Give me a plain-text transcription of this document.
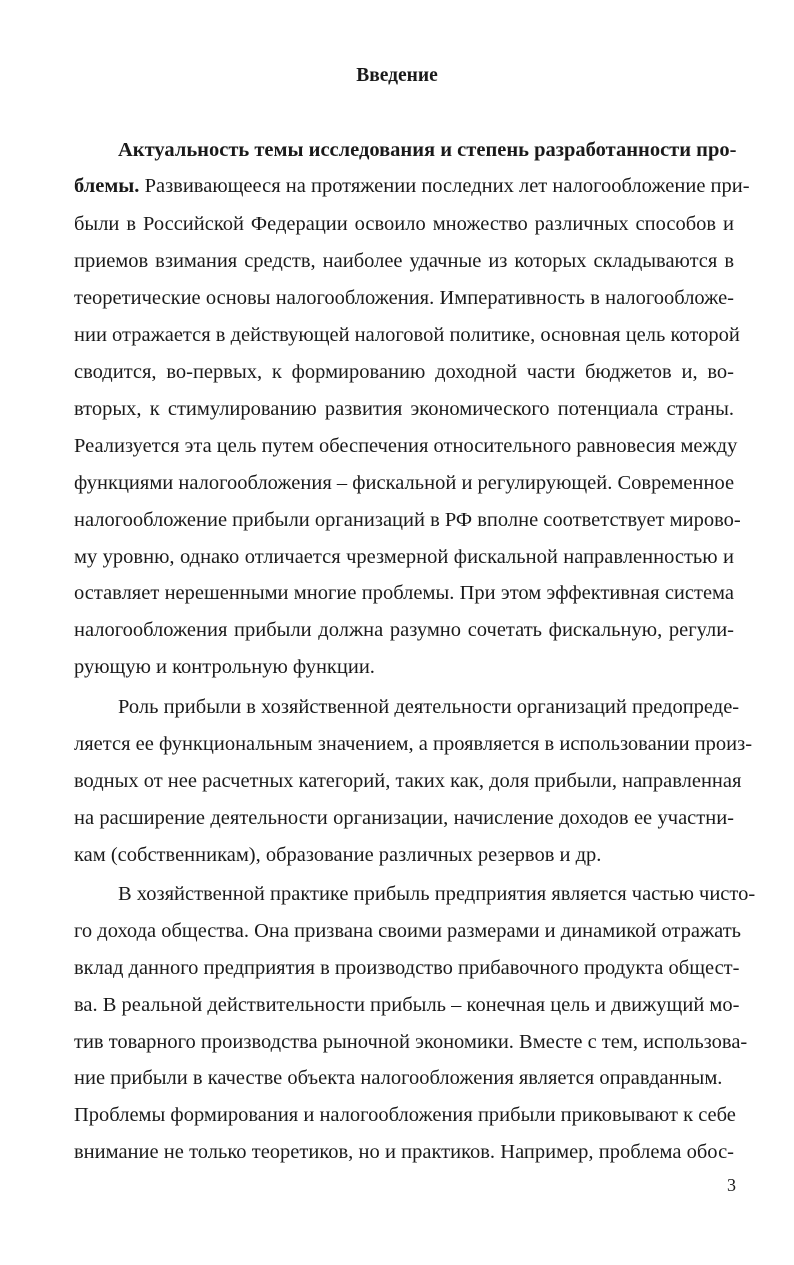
Введение
Актуальность темы исследования и степень разработанности про-
блемы. Развивающееся на протяжении последних лет налогообложение при-
были в Российской Федерации освоило множество различных способов и
приемов взимания средств, наиболее удачные из которых складываются в
теоретические основы налогообложения. Императивность в налогообложе-
нии отражается в действующей налоговой политике, основная цель которой
сводится, во-первых, к формированию доходной части бюджетов и, во-
вторых, к стимулированию развития экономического потенциала страны.
Реализуется эта цель путем обеспечения относительного равновесия между
функциями налогообложения – фискальной и регулирующей. Современное
налогообложение прибыли организаций в РФ вполне соответствует мирово-
му уровню, однако отличается чрезмерной фискальной направленностью и
оставляет нерешенными многие проблемы. При этом эффективная система
налогообложения прибыли должна разумно сочетать фискальную, регули-
рующую и контрольную функции.
Роль прибыли в хозяйственной деятельности организаций предопреде-
ляется ее функциональным значением, а проявляется в использовании произ-
водных от нее расчетных категорий, таких как, доля прибыли, направленная
на расширение деятельности организации, начисление доходов ее участни-
кам (собственникам), образование различных резервов и др.
В хозяйственной практике прибыль предприятия является частью чисто-
го дохода общества. Она призвана своими размерами и динамикой отражать
вклад данного предприятия в производство прибавочного продукта общест-
ва. В реальной действительности прибыль – конечная цель и движущий мо-
тив товарного производства рыночной экономики. Вместе с тем, использова-
ние прибыли в качестве объекта налогообложения является оправданным.
Проблемы формирования и налогообложения прибыли приковывают к себе
внимание не только теоретиков, но и практиков. Например, проблема обос-
3
